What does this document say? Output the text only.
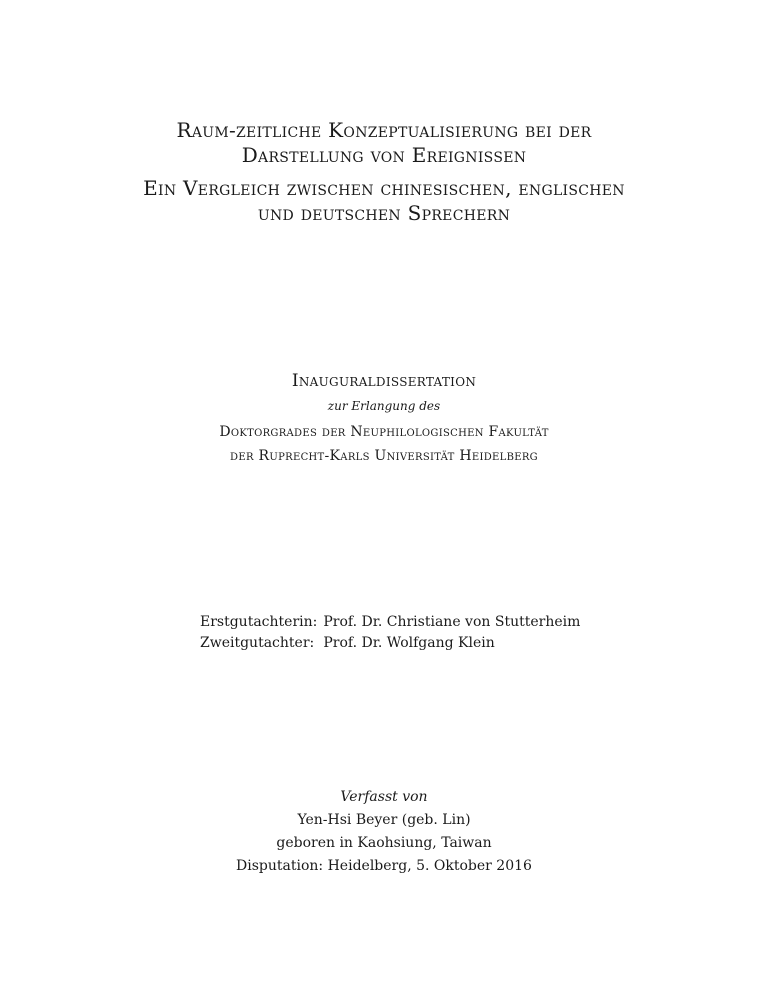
Raum-zeitliche Konzeptualisierung bei der
Darstellung von Ereignissen
Ein Vergleich zwischen chinesischen, englischen
und deutschen Sprechern
Inauguraldissertation
zur Erlangung des
Doktorgrades der Neuphilologischen Fakultät
der Ruprecht-Karls Universität Heidelberg
Erstgutachterin:	Prof. Dr. Christiane von Stutterheim
Zweitgutachter:	Prof. Dr. Wolfgang Klein
Verfasst von
Yen-Hsi Beyer (geb. Lin)
geboren in Kaohsiung, Taiwan
Disputation: Heidelberg, 5. Oktober 2016
